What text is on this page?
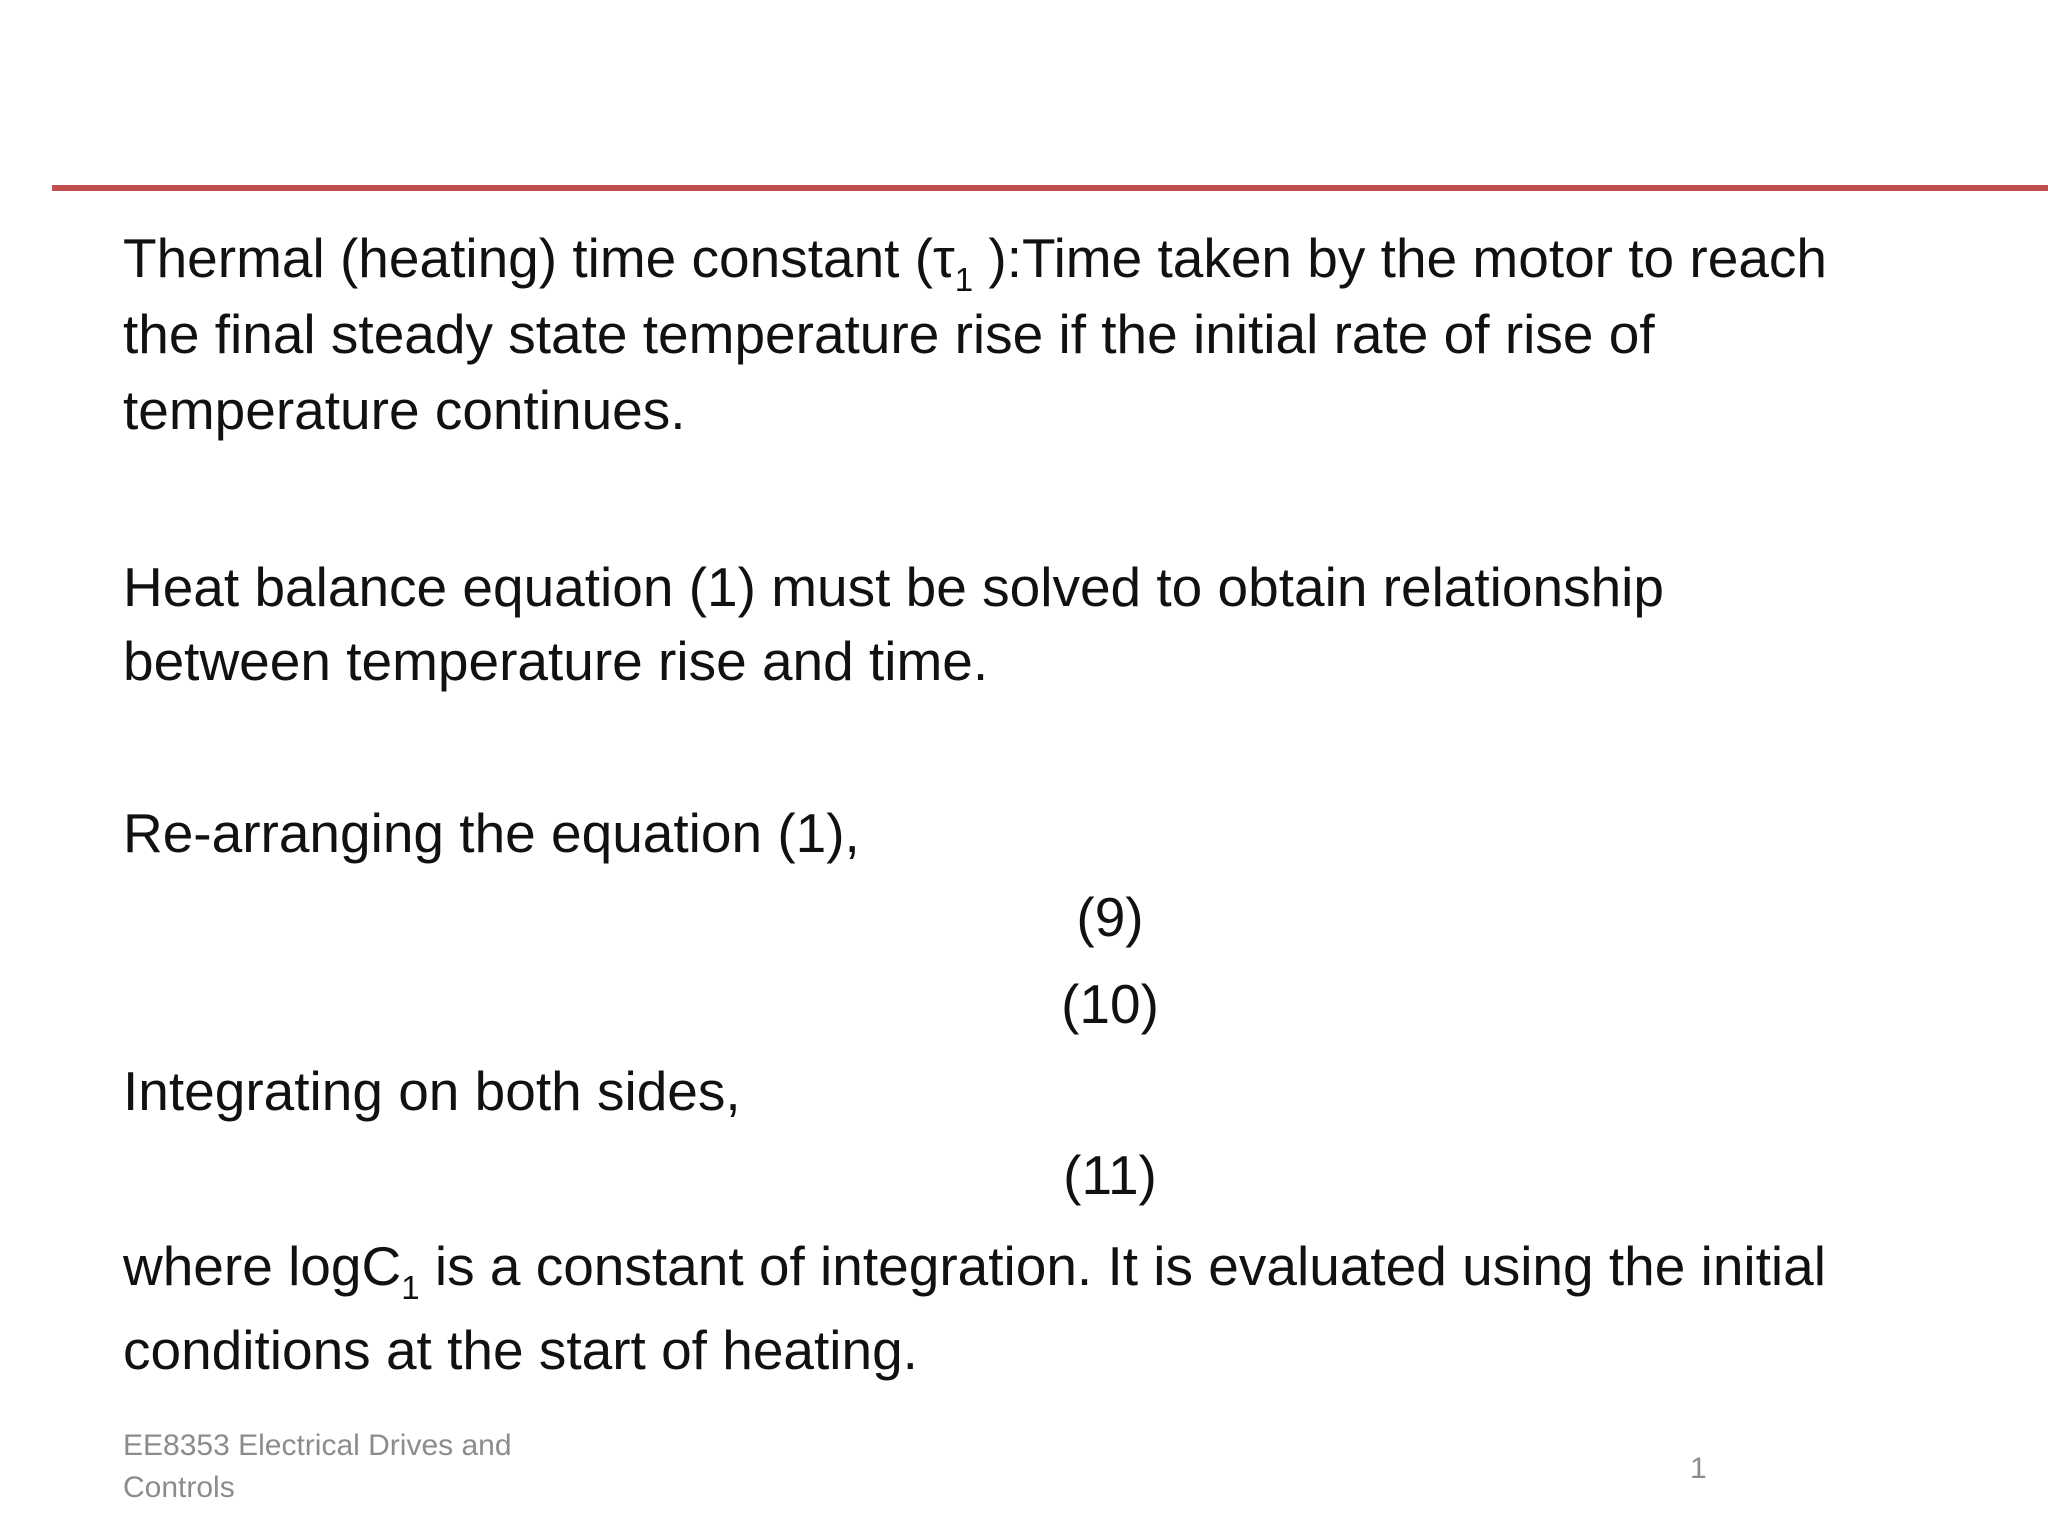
Thermal (heating) time constant ($\tau_1$ ):Time taken by the motor to reach
the final steady state temperature rise if the initial rate of rise of
temperature continues.
Heat balance equation (1) must be solved to obtain relationship
between temperature rise and time.
Re-arranging the equation (1),
(9)
(10)
Integrating on both sides,
(11)
where logC$_1$ is a constant of integration. It is evaluated using the initial
conditions at the start of heating.
EE8353 Electrical Drives and Controls
1
